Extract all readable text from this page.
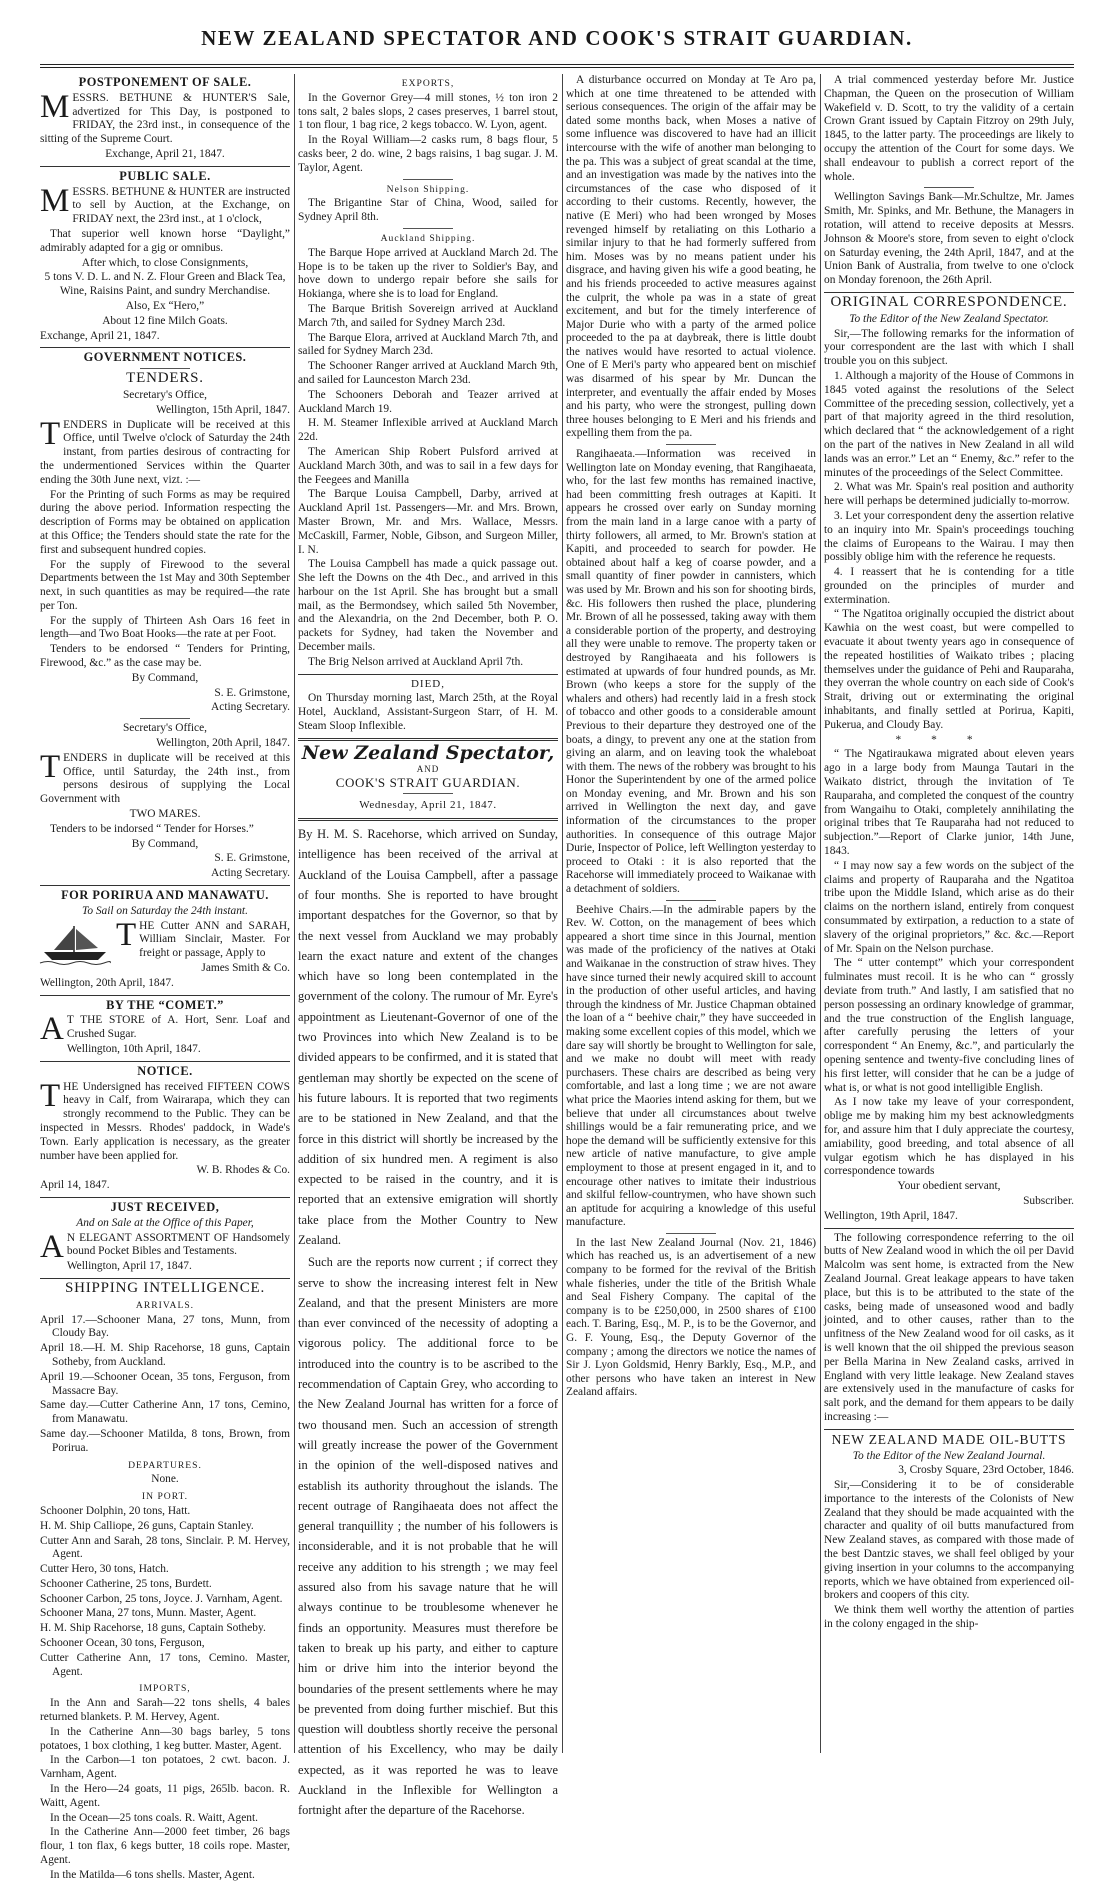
NEW ZEALAND SPECTATOR AND COOK'S STRAIT GUARDIAN.
POSTPONEMENT OF SALE.

MESSRS. BETHUNE & HUNTER'S Sale, advertized for This Day, is postponed to FRIDAY, the 23rd inst., in consequence of the sitting of the Supreme Court.

Exchange, April 21, 1847.

PUBLIC SALE.

MESSRS. BETHUNE & HUNTER are instructed to sell by Auction, at the Exchange, on FRIDAY next, the 23rd inst., at 1 o'clock,

That superior well known horse “Daylight,” admirably adapted for a gig or omnibus.

After which, to close Consignments,

5 tons V. D. L. and N. Z. Flour Green and Black Tea, Wine, Raisins Paint, and sundry Merchandise.

Also, Ex “Hero,”

About 12 fine Milch Goats.

Exchange, April 21, 1847.

GOVERNMENT NOTICES.
TENDERS.

Secretary's Office,

Wellington, 15th April, 1847.

TENDERS in Duplicate will be received at this Office, until Twelve o'clock of Saturday the 24th instant, from parties desirous of contracting for the undermentioned Services within the Quarter ending the 30th June next, vizt. :—

For the Printing of such Forms as may be required during the above period. Information respecting the description of Forms may be obtained on application at this Office; the Tenders should state the rate for the first and subsequent hundred copies.

For the supply of Firewood to the several Departments between the 1st May and 30th September next, in such quantities as may be required—the rate per Ton.

For the supply of Thirteen Ash Oars 16 feet in length—and Two Boat Hooks—the rate at per Foot.

Tenders to be endorsed “ Tenders for Printing, Firewood, &c.” as the case may be.

By Command,

S. E. Grimstone,

Acting Secretary.

Secretary's Office,

Wellington, 20th April, 1847.

TENDERS in duplicate will be received at this Office, until Saturday, the 24th inst., from persons desirous of supplying the Local Government with

TWO MARES.

Tenders to be indorsed “ Tender for Horses.”

By Command,

S. E. Grimstone,

Acting Secretary.

FOR PORIRUA AND MANAWATU.

To Sail on Saturday the 24th instant.

THE Cutter ANN and SARAH, William Sinclair, Master. For freight or passage, Apply to

James Smith & Co.

Wellington, 20th April, 1847.

BY THE “COMET.”

A T THE STORE of A. Hort, Senr. Loaf and Crushed Sugar.

Wellington, 10th April, 1847.

NOTICE.

THE Undersigned has received FIFTEEN COWS heavy in Calf, from Wairarapa, which they can strongly recommend to the Public. They can be inspected in Messrs. Rhodes' paddock, in Wade's Town. Early application is necessary, as the greater number have been applied for.

W. B. Rhodes & Co.

April 14, 1847.

JUST RECEIVED,

And on Sale at the Office of this Paper,

A N ELEGANT ASSORTMENT OF Handsomely bound Pocket Bibles and Testaments.

Wellington, April 17, 1847.

SHIPPING INTELLIGENCE.
ARRIVALS.

April 17.—Schooner Mana, 27 tons, Munn, from Cloudy Bay.

April 18.—H. M. Ship Racehorse, 18 guns, Captain Sotheby, from Auckland.

April 19.—Schooner Ocean, 35 tons, Ferguson, from Massacre Bay.

Same day.—Cutter Catherine Ann, 17 tons, Cemino, from Manawatu.

Same day.—Schooner Matilda, 8 tons, Brown, from Porirua.

DEPARTURES.

None.

IN PORT.

Schooner Dolphin, 20 tons, Hatt.

H. M. Ship Calliope, 26 guns, Captain Stanley.

Cutter Ann and Sarah, 28 tons, Sinclair. P. M. Hervey, Agent.

Cutter Hero, 30 tons, Hatch.

Schooner Catherine, 25 tons, Burdett.

Schooner Carbon, 25 tons, Joyce. J. Varnham, Agent.

Schooner Mana, 27 tons, Munn. Master, Agent.

H. M. Ship Racehorse, 18 guns, Captain Sotheby.

Schooner Ocean, 30 tons, Ferguson,

Cutter Catherine Ann, 17 tons, Cemino. Master, Agent.

IMPORTS,

In the Ann and Sarah—22 tons shells, 4 bales returned blankets. P. M. Hervey, Agent.

In the Catherine Ann—30 bags barley, 5 tons potatoes, 1 box clothing, 1 keg butter. Master, Agent.

In the Carbon—1 ton potatoes, 2 cwt. bacon. J. Varnham, Agent.

In the Hero—24 goats, 11 pigs, 265lb. bacon. R. Waitt, Agent.

In the Ocean—25 tons coals. R. Waitt, Agent.

In the Catherine Ann—2000 feet timber, 26 bags flour, 1 ton flax, 6 kegs butter, 18 coils rope. Master, Agent.

In the Matilda—6 tons shells. Master, Agent.

EXPORTS,

In the Governor Grey—4 mill stones, ½ ton iron 2 tons salt, 2 bales slops, 2 cases preserves, 1 barrel stout, 1 ton flour, 1 bag rice, 2 kegs tobacco. W. Lyon, agent.

In the Royal William—2 casks rum, 8 bags flour, 5 casks beer, 2 do. wine, 2 bags raisins, 1 bag sugar. J. M. Taylor, Agent.

Nelson Shipping.

The Brigantine Star of China, Wood, sailed for Sydney April 8th.

Auckland Shipping.

The Barque Hope arrived at Auckland March 2d. The Hope is to be taken up the river to Soldier's Bay, and hove down to undergo repair before she sails for Hokianga, where she is to load for England.

The Barque British Sovereign arrived at Auckland March 7th, and sailed for Sydney March 23d.

The Barque Elora, arrived at Auckland March 7th, and sailed for Sydney March 23d.

The Schooner Ranger arrived at Auckland March 9th, and sailed for Launceston March 23d.

The Schooners Deborah and Teazer arrived at Auckland March 19.

H. M. Steamer Inflexible arrived at Auckland March 22d.

The American Ship Robert Pulsford arrived at Auckland March 30th, and was to sail in a few days for the Feegees and Manilla

The Barque Louisa Campbell, Darby, arrived at Auckland April 1st. Passengers—Mr. and Mrs. Brown, Master Brown, Mr. and Mrs. Wallace, Messrs. McCaskill, Farmer, Noble, Gibson, and Surgeon Miller, I. N.

The Louisa Campbell has made a quick passage out. She left the Downs on the 4th Dec., and arrived in this harbour on the 1st April. She has brought but a small mail, as the Bermondsey, which sailed 5th November, and the Alexandria, on the 2nd December, both P. O. packets for Sydney, had taken the November and December mails.

The Brig Nelson arrived at Auckland April 7th.

DIED,

On Thursday morning last, March 25th, at the Royal Hotel, Auckland, Assistant-Surgeon Starr, of H. M. Steam Sloop Inflexible.

New Zealand Spectator,
AND
COOK'S STRAIT GUARDIAN.
Wednesday, April 21, 1847.

By H. M. S. Racehorse, which arrived on Sunday, intelligence has been received of the arrival at Auckland of the Louisa Campbell, after a passage of four months. She is reported to have brought important despatches for the Governor, so that by the next vessel from Auckland we may probably learn the exact nature and extent of the changes which have so long been contemplated in the government of the colony. The rumour of Mr. Eyre's appointment as Lieutenant-Governor of one of the two Provinces into which New Zealand is to be divided appears to be confirmed, and it is stated that gentleman may shortly be expected on the scene of his future labours. It is reported that two regiments are to be stationed in New Zealand, and that the force in this district will shortly be increased by the addition of six hundred men. A regiment is also expected to be raised in the country, and it is reported that an extensive emigration will shortly take place from the Mother Country to New Zealand.

Such are the reports now current ; if correct they serve to show the increasing interest felt in New Zealand, and that the present Ministers are more than ever convinced of the necessity of adopting a vigorous policy. The additional force to be introduced into the country is to be ascribed to the recommendation of Captain Grey, who according to the New Zealand Journal has written for a force of two thousand men. Such an accession of strength will greatly increase the power of the Government in the opinion of the well-disposed natives and establish its authority throughout the islands. The recent outrage of Rangihaeata does not affect the general tranquillity ; the number of his followers is inconsiderable, and it is not probable that he will receive any addition to his strength ; we may feel assured also from his savage nature that he will always continue to be troublesome whenever he finds an opportunity. Measures must therefore be taken to break up his party, and either to capture him or drive him into the interior beyond the boundaries of the present settlements where he may be prevented from doing further mischief. But this question will doubtless shortly receive the personal attention of his Excellency, who may be daily expected, as it was reported he was to leave Auckland in the Inflexible for Wellington a fortnight after the departure of the Racehorse.

A disturbance occurred on Monday at Te Aro pa, which at one time threatened to be attended with serious consequences. The origin of the affair may be dated some months back, when Moses a native of some influence was discovered to have had an illicit intercourse with the wife of another man belonging to the pa. This was a subject of great scandal at the time, and an investigation was made by the natives into the circumstances of the case who disposed of it according to their customs. Recently, however, the native (E Meri) who had been wronged by Moses revenged himself by retaliating on this Lothario a similar injury to that he had formerly suffered from him. Moses was by no means patient under his disgrace, and having given his wife a good beating, he and his friends proceeded to active measures against the culprit, the whole pa was in a state of great excitement, and but for the timely interference of Major Durie who with a party of the armed police proceeded to the pa at daybreak, there is little doubt the natives would have resorted to actual violence. One of E Meri's party who appeared bent on mischief was disarmed of his spear by Mr. Duncan the interpreter, and eventually the affair ended by Moses and his party, who were the strongest, pulling down three houses belonging to E Meri and his friends and expelling them from the pa.

Rangihaeata.—Information was received in Wellington late on Monday evening, that Rangihaeata, who, for the last few months has remained inactive, had been committing fresh outrages at Kapiti. It appears he crossed over early on Sunday morning from the main land in a large canoe with a party of thirty followers, all armed, to Mr. Brown's station at Kapiti, and proceeded to search for powder. He obtained about half a keg of coarse powder, and a small quantity of finer powder in cannisters, which was used by Mr. Brown and his son for shooting birds, &c. His followers then rushed the place, plundering Mr. Brown of all he possessed, taking away with them a considerable portion of the property, and destroying all they were unable to remove. The property taken or destroyed by Rangihaeata and his followers is estimated at upwards of four hundred pounds, as Mr. Brown (who keeps a store for the supply of the whalers and others) had recently laid in a fresh stock of tobacco and other goods to a considerable amount Previous to their departure they destroyed one of the boats, a dingy, to prevent any one at the station from giving an alarm, and on leaving took the whaleboat with them. The news of the robbery was brought to his Honor the Superintendent by one of the armed police on Monday evening, and Mr. Brown and his son arrived in Wellington the next day, and gave information of the circumstances to the proper authorities. In consequence of this outrage Major Durie, Inspector of Police, left Wellington yesterday to proceed to Otaki : it is also reported that the Racehorse will immediately proceed to Waikanae with a detachment of soldiers.

Beehive Chairs.—In the admirable papers by the Rev. W. Cotton, on the management of bees which appeared a short time since in this Journal, mention was made of the proficiency of the natives at Otaki and Waikanae in the construction of straw hives. They have since turned their newly acquired skill to account in the production of other useful articles, and having through the kindness of Mr. Justice Chapman obtained the loan of a “ beehive chair,” they have succeeded in making some excellent copies of this model, which we dare say will shortly be brought to Wellington for sale, and we make no doubt will meet with ready purchasers. These chairs are described as being very comfortable, and last a long time ; we are not aware what price the Maories intend asking for them, but we believe that under all circumstances about twelve shillings would be a fair remunerating price, and we hope the demand will be sufficiently extensive for this new article of native manufacture, to give ample employment to those at present engaged in it, and to encourage other natives to imitate their industrious and skilful fellow-countrymen, who have shown such an aptitude for acquiring a knowledge of this useful manufacture.

In the last New Zealand Journal (Nov. 21, 1846) which has reached us, is an advertisement of a new company to be formed for the revival of the British whale fisheries, under the title of the British Whale and Seal Fishery Company. The capital of the company is to be £250,000, in 2500 shares of £100 each. T. Baring, Esq., M. P., is to be the Governor, and G. F. Young, Esq., the Deputy Governor of the company ; among the directors we notice the names of Sir J. Lyon Goldsmid, Henry Barkly, Esq., M.P., and other persons who have taken an interest in New Zealand affairs.

A trial commenced yesterday before Mr. Justice Chapman, the Queen on the prosecution of William Wakefield v. D. Scott, to try the validity of a certain Crown Grant issued by Captain Fitzroy on 29th July, 1845, to the latter party. The proceedings are likely to occupy the attention of the Court for some days. We shall endeavour to publish a correct report of the whole.

Wellington Savings Bank—Mr.Schultze, Mr. James Smith, Mr. Spinks, and Mr. Bethune, the Managers in rotation, will attend to receive deposits at Messrs. Johnson & Moore's store, from seven to eight o'clock on Saturday evening, the 24th April, 1847, and at the Union Bank of Australia, from twelve to one o'clock on Monday forenoon, the 26th April.

ORIGINAL CORRESPONDENCE.

To the Editor of the New Zealand Spectator.

Sir,—The following remarks for the information of your correspondent are the last with which I shall trouble you on this subject.

1. Although a majority of the House of Commons in 1845 voted against the resolutions of the Select Committee of the preceding session, collectively, yet a part of that majority agreed in the third resolution, which declared that “ the acknowledgement of a right on the part of the natives in New Zealand in all wild lands was an error.” Let an “ Enemy, &c.” refer to the minutes of the proceedings of the Select Committee.

2. What was Mr. Spain's real position and authority here will perhaps be determined judicially to-morrow.

3. Let your correspondent deny the assertion relative to an inquiry into Mr. Spain's proceedings touching the claims of Europeans to the Wairau. I may then possibly oblige him with the reference he requests.

4. I reassert that he is contending for a title grounded on the principles of murder and extermination.

“ The Ngatitoa originally occupied the district about Kawhia on the west coast, but were compelled to evacuate it about twenty years ago in consequence of the repeated hostilities of Waikato tribes ; placing themselves under the guidance of Pehi and Rauparaha, they overran the whole country on each side of Cook's Strait, driving out or exterminating the original inhabitants, and finally settled at Porirua, Kapiti, Pukerua, and Cloudy Bay.

***

“ The Ngatiraukawa migrated about eleven years ago in a large body from Maunga Tautari in the Waikato district, through the invitation of Te Rauparaha, and completed the conquest of the country from Wangaihu to Otaki, completely annihilating the original tribes that Te Rauparaha had not reduced to subjection.”—Report of Clarke junior, 14th June, 1843.

“ I may now say a few words on the subject of the claims and property of Rauparaha and the Ngatitoa tribe upon the Middle Island, which arise as do their claims on the northern island, entirely from conquest consummated by extirpation, a reduction to a state of slavery of the original proprietors,” &c. &c.—Report of Mr. Spain on the Nelson purchase.

The “ utter contempt” which your correspondent fulminates must recoil. It is he who can “ grossly deviate from truth.” And lastly, I am satisfied that no person possessing an ordinary knowledge of grammar, and the true construction of the English language, after carefully perusing the letters of your correspondent “ An Enemy, &c.”, and particularly the opening sentence and twenty-five concluding lines of his first letter, will consider that he can be a judge of what is, or what is not good intelligible English.

As I now take my leave of your correspondent, oblige me by making him my best acknowledgments for, and assure him that I duly appreciate the courtesy, amiability, good breeding, and total absence of all vulgar egotism which he has displayed in his correspondence towards

Your obedient servant,

Subscriber.

Wellington, 19th April, 1847.

The following correspondence referring to the oil butts of New Zealand wood in which the oil per David Malcolm was sent home, is extracted from the New Zealand Journal. Great leakage appears to have taken place, but this is to be attributed to the state of the casks, being made of unseasoned wood and badly jointed, and to other causes, rather than to the unfitness of the New Zealand wood for oil casks, as it is well known that the oil shipped the previous season per Bella Marina in New Zealand casks, arrived in England with very little leakage. New Zealand staves are extensively used in the manufacture of casks for salt pork, and the demand for them appears to be daily increasing :—

NEW ZEALAND MADE OIL-BUTTS

To the Editor of the New Zealand Journal.

3, Crosby Square, 23rd October, 1846.

Sir,—Considering it to be of considerable importance to the interests of the Colonists of New Zealand that they should be made acquainted with the character and quality of oil butts manufactured from New Zealand staves, as compared with those made of the best Dantzic staves, we shall feel obliged by your giving insertion in your columns to the accompanying reports, which we have obtained from experienced oil-brokers and coopers of this city.

We think them well worthy the attention of parties in the colony engaged in the ship-
